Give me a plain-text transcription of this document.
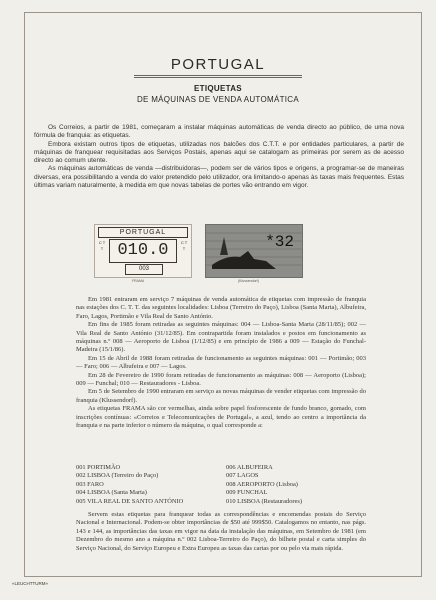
PORTUGAL
ETIQUETAS
DE MÁQUINAS DE VENDA AUTOMÁTICA

Os Correios, a partir de 1981, começaram a instalar máquinas automáticas de venda directo ao público, de uma nova fórmula de franquia: as etiquetas.

Embora existam outros tipos de etiquetas, utilizadas nos balcões dos C.T.T. e por entidades particulares, a partir de máquinas de franquear requisitadas aos Serviços Postais, apenas aqui se catalogam as primeiras por serem as de acesso directo ao comum utente.

As máquinas automáticas de venda —distribuidoras—, podem ser de vários tipos e origens, a programar-se de maneiras diversas, era possibilitando a venda do valor pretendido pelo utilizador, ora limitando-o apenas às taxas mais frequentes. Estas últimas variam naturalmente, à medida em que novas tabelas de portes vão entrando em vigor.

PORTUGAL
C T T 010.0	C T T
003
FRAMA
*32
(Klussendorf)

Em 1981 entraram em serviço 7 máquinas de venda automática de etiquetas com impressão de franquia nas estações dos C. T. T. das seguintes localidades: Lisboa (Terreiro do Paço), Lisboa (Santa Marta), Albufeira, Faro, Lagos, Portimão e Vila Real de Santo António.

Em fins de 1985 foram retiradas as seguintes máquinas: 004 — Lisboa-Santa Marta (28/11/85); 002 — Vila Real de Santo António (31/12/85). Em contrapartida foram instalados e postos em funcionamento as máquinas n.º 008 — Aeroporto de Lisboa (1/12/85) e em princípio de 1986 a 009 — Estação do Funchal-Madeira (15/1/86).

Em 15 de Abril de 1988 foram retiradas de funcionamento as seguintes máquinas: 001 — Portimão; 003 — Faro; 006 — Albufeira e 007 — Lagos.

Em 28 de Fevereiro de 1990 foram retiradas de funcionamento as máquinas: 008 — Aeroporto (Lisboa); 009 — Funchal; 010 — Restauradores - Lisboa.

Em 5 de Setembro de 1990 entraram em serviço as novas máquinas de vender etiquetas com impressão do franquia (Klussendorf).

As etiquetas FRAMA são cor vermelhas, ainda sobre papel fosforescente de fundo branco, gomado, com inscrições contínuas: «Correios e Telecomunicações de Portugal», a azul, tendo ao centro a importância da franquia e na parte inferior o número da máquina, o qual corresponde a:

001 PORTIMÃO
002 LISBOA (Terreiro do Paço)
003 FARO
004 LISBOA (Santa Marta)
005 VILA REAL DE SANTO ANTÓNIO
006 ALBUFEIRA
007 LAGOS
008 AEROPORTO (Lisboa)
009 FUNCHAL
010 LISBOA (Restauradores)

Servem estas etiquetas para franquear todas as correspondências e encomendas postais do Serviço Nacional e Internacional. Podem-se obter importâncias de $50 até 999$50. Catalogamos no entanto, nas págs. 143 e 144, as importâncias das taxas em vigor na data da instalação das máquinas, em Setembro de 1981 (em Dezembro do mesmo ano a máquina n.º 002 Lisboa-Terreiro do Paço), do bilhete postal e carta simples do Serviço Nacional, do Serviço Europeu e Extra Europeu as taxas das cartas por ou pelo via mais rápida.

«LEUCHTTURM»
